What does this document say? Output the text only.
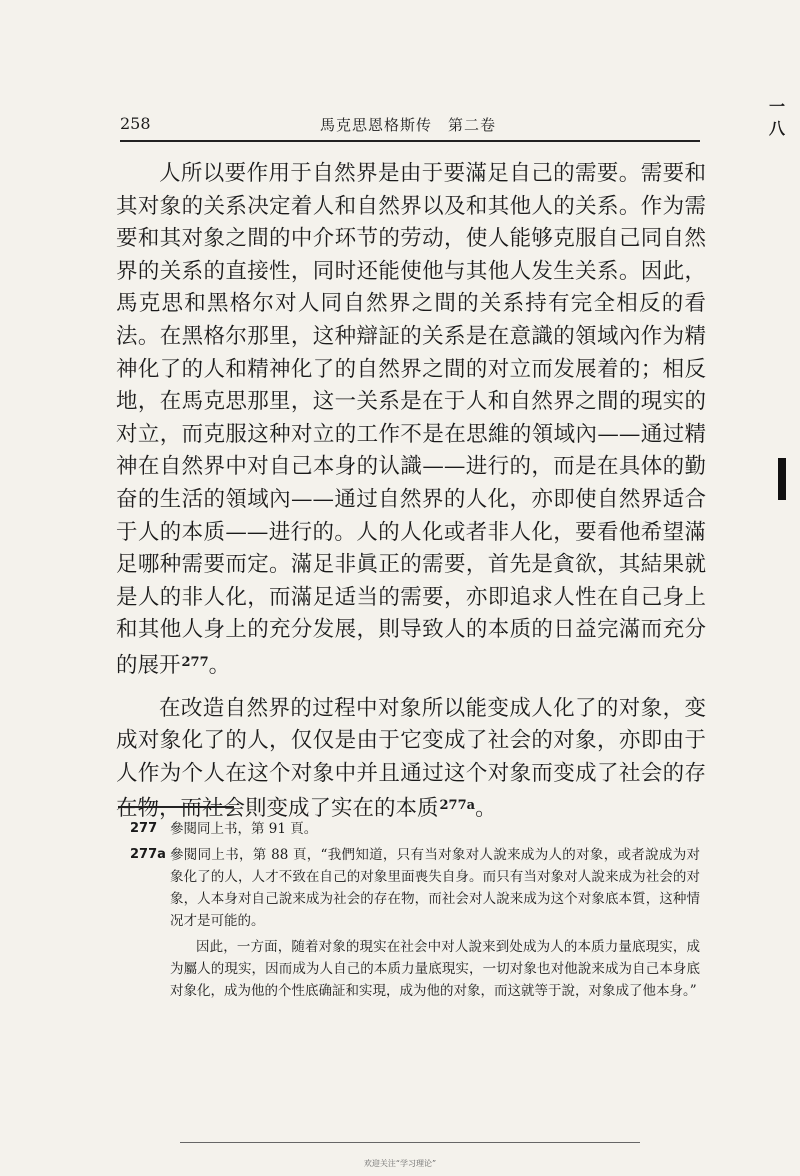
258	馬克思恩格斯传　第二卷
一八

人所以要作用于自然界是由于要滿足自己的需要。需要和其对象的关系决定着人和自然界以及和其他人的关系。作为需要和其对象之間的中介环节的劳动，使人能够克服自己同自然界的关系的直接性，同时还能使他与其他人发生关系。因此，馬克思和黑格尔对人同自然界之間的关系持有完全相反的看法。在黑格尔那里，这种辯証的关系是在意識的領域內作为精神化了的人和精神化了的自然界之間的对立而发展着的；相反地，在馬克思那里，这一关系是在于人和自然界之間的現实的对立，而克服这种对立的工作不是在思維的領域內——通过精神在自然界中对自己本身的认識——进行的，而是在具体的勤奋的生活的領域內——通过自然界的人化，亦即使自然界适合于人的本质——进行的。人的人化或者非人化，要看他希望滿足哪种需要而定。滿足非眞正的需要，首先是貪欲，其結果就是人的非人化，而滿足适当的需要，亦即追求人性在自己身上和其他人身上的充分发展，則导致人的本质的日益完滿而充分的展开$^{277}$。

在改造自然界的过程中对象所以能变成人化了的对象，变成对象化了的人，仅仅是由于它变成了社会的对象，亦即由于人作为个人在这个对象中并且通过这个对象而变成了社会的存在物，而社会則变成了实在的本质$^{277a}$。

277 參閱同上书，第 91 頁。
277a 參閱同上书，第 88 頁，“我們知道，只有当对象对人說来成为人的对象，或者說成为对象化了的人，人才不致在自己的对象里面喪失自身。而只有当对象对人說来成为社会的对象，人本身对自己說来成为社会的存在物，而社会对人說来成为这个对象底本質，这种情况才是可能的。
因此，一方面，随着对象的現实在社会中对人說来到处成为人的本质力量底現实，成为屬人的現实，因而成为人自己的本质力量底現实，一切对象也对他說来成为自己本身底对象化，成为他的个性底确証和实現，成为他的对象，而这就等于說，对象成了他本身。”
欢迎关注“学习理论”
